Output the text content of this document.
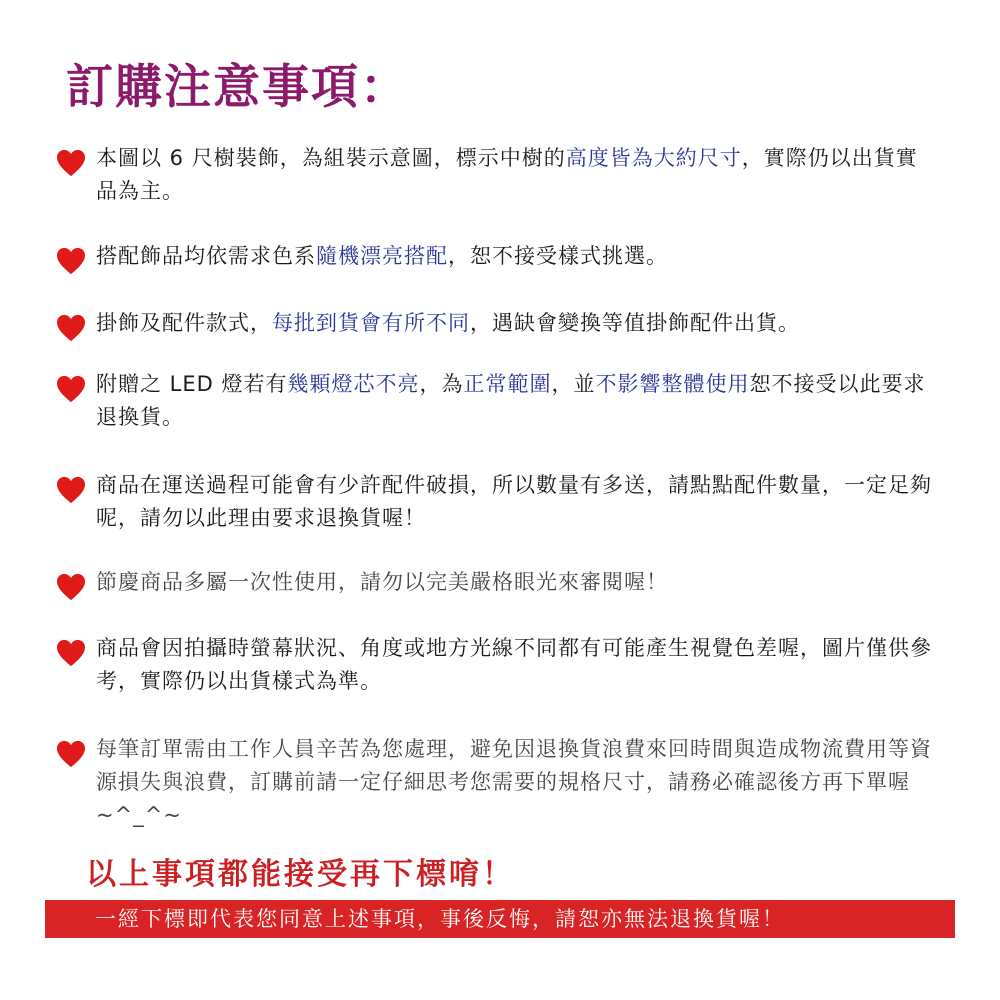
訂購注意事項：
本圖以 6 尺樹裝飾，為組裝示意圖，標示中樹的高度皆為大約尺寸，實際仍以出貨實品為主。
搭配飾品均依需求色系隨機漂亮搭配，恕不接受樣式挑選。
掛飾及配件款式，每批到貨會有所不同，遇缺會變換等值掛飾配件出貨。
附贈之 LED 燈若有幾顆燈芯不亮，為正常範圍，並不影響整體使用恕不接受以此要求退換貨。
商品在運送過程可能會有少許配件破損，所以數量有多送，請點點配件數量，一定足夠呢，請勿以此理由要求退換貨喔！
節慶商品多屬一次性使用，請勿以完美嚴格眼光來審閱喔！
商品會因拍攝時螢幕狀況、角度或地方光線不同都有可能產生視覺色差喔，圖片僅供參考，實際仍以出貨樣式為準。
每筆訂單需由工作人員辛苦為您處理，避免因退換貨浪費來回時間與造成物流費用等資源損失與浪費，訂購前請一定仔細思考您需要的規格尺寸，請務必確認後方再下單喔~^_^~

以上事項都能接受再下標唷！

一經下標即代表您同意上述事項，事後反悔，請恕亦無法退換貨喔！
